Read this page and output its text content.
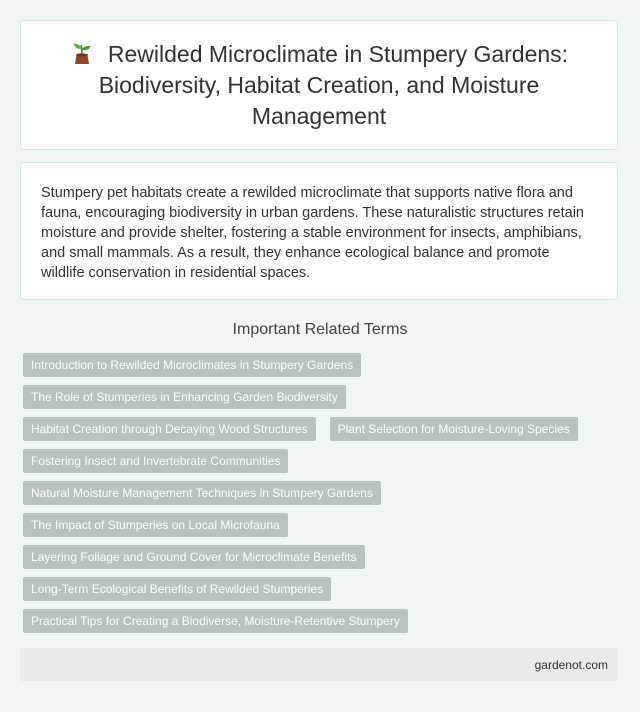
Rewilded Microclimate in Stumpery Gardens: Biodiversity, Habitat Creation, and Moisture Management

Stumpery pet habitats create a rewilded microclimate that supports native flora and fauna, encouraging biodiversity in urban gardens. These naturalistic structures retain moisture and provide shelter, fostering a stable environment for insects, amphibians, and small mammals. As a result, they enhance ecological balance and promote wildlife conservation in residential spaces.

Important Related Terms
Introduction to Rewilded Microclimates in Stumpery Gardens
The Role of Stumperies in Enhancing Garden Biodiversity
Habitat Creation through Decaying Wood Structures	Plant Selection for Moisture-Loving Species
Fostering Insect and Invertebrate Communities
Natural Moisture Management Techniques in Stumpery Gardens
The Impact of Stumperies on Local Microfauna
Layering Foliage and Ground Cover for Microclimate Benefits
Long-Term Ecological Benefits of Rewilded Stumperies
Practical Tips for Creating a Biodiverse, Moisture-Retentive Stumpery
gardenot.com
